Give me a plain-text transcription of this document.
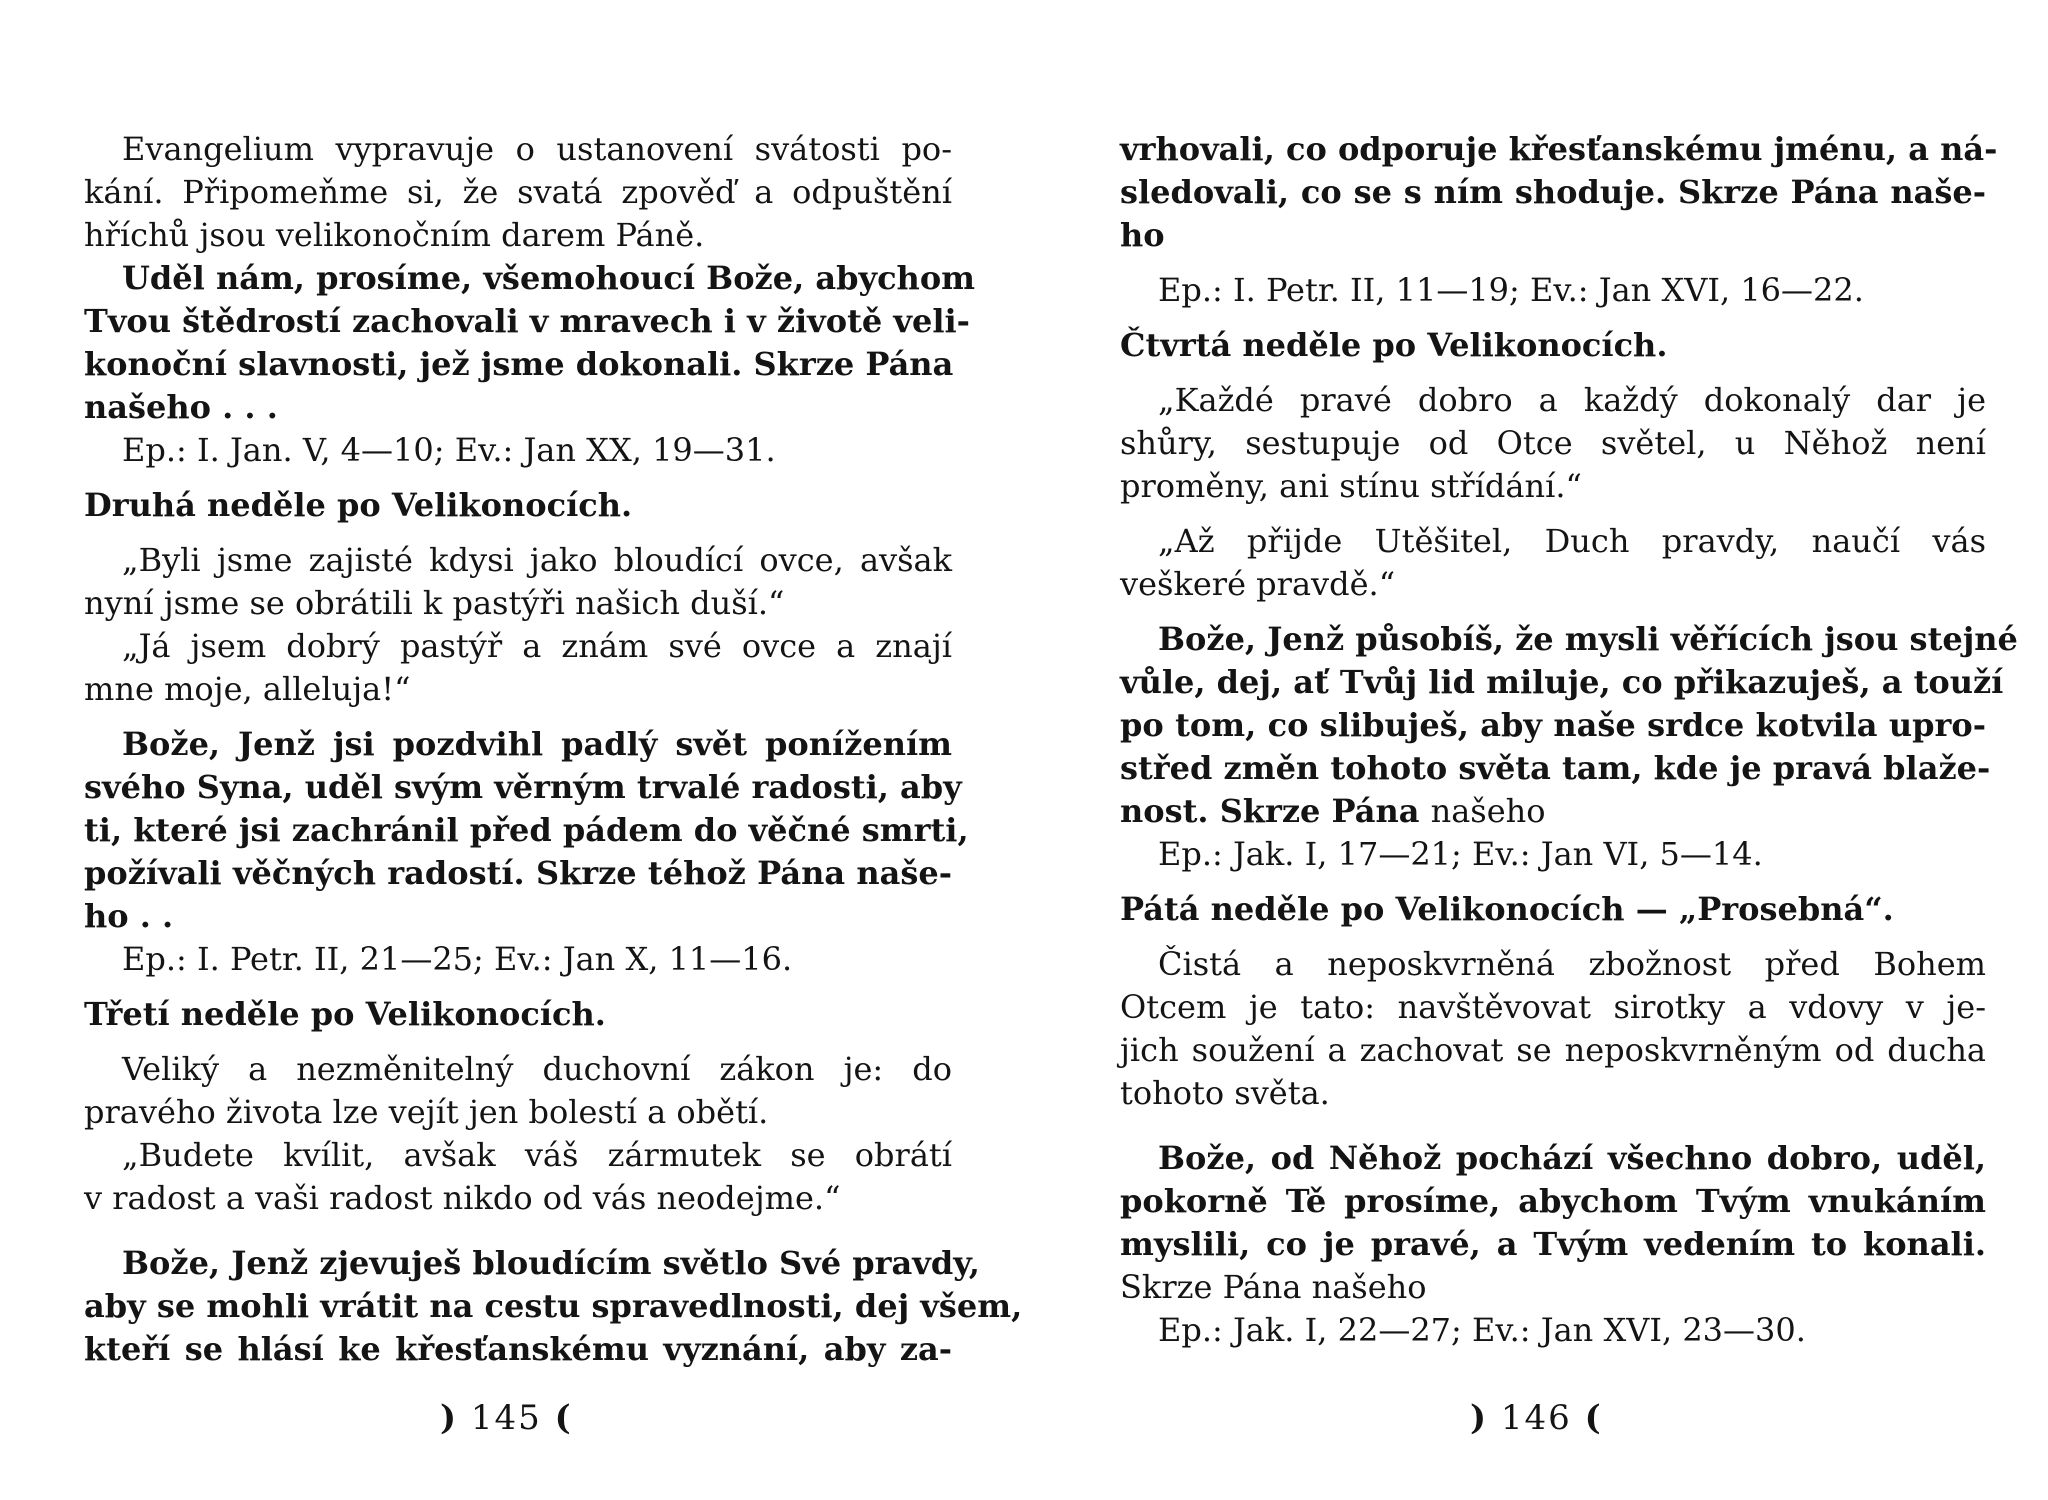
Evangelium vypravuje o ustanovení svátosti po-
kání. Připomeňme si, že svatá zpověď a odpuštění
hříchů jsou velikonočním darem Páně.
Uděl nám, prosíme, všemohoucí Bože, abychom
Tvou štědrostí zachovali v mravech i v životě veli-
konoční slavnosti, jež jsme dokonali. Skrze Pána
našeho . . .
Ep.: I. Jan. V, 4—10; Ev.: Jan XX, 19—31.
Druhá neděle po Velikonocích.
„Byli jsme zajisté kdysi jako bloudící ovce, avšak
nyní jsme se obrátili k pastýři našich duší.“
„Já jsem dobrý pastýř a znám své ovce a znají
mne moje, alleluja!“
Bože, Jenž jsi pozdvihl padlý svět ponížením
svého Syna, uděl svým věrným trvalé radosti, aby
ti, které jsi zachránil před pádem do věčné smrti,
požívali věčných radostí. Skrze téhož Pána naše-
ho . .
Ep.: I. Petr. II, 21—25; Ev.: Jan X, 11—16.
Třetí neděle po Velikonocích.
Veliký a nezměnitelný duchovní zákon je: do
pravého života lze vejít jen bolestí a obětí.
„Budete kvílit, avšak váš zármutek se obrátí
v radost a vaši radost nikdo od vás neodejme.“
Bože, Jenž zjevuješ bloudícím světlo Své pravdy,
aby se mohli vrátit na cestu spravedlnosti, dej všem,
kteří se hlásí ke křesťanskému vyznání, aby za-
) 145 (
vrhovali, co odporuje křesťanskému jménu, a ná-
sledovali, co se s ním shoduje. Skrze Pána naše-
ho
Ep.: I. Petr. II, 11—19; Ev.: Jan XVI, 16—22.
Čtvrtá neděle po Velikonocích.
„Každé pravé dobro a každý dokonalý dar je
shůry, sestupuje od Otce světel, u Něhož není
proměny, ani stínu střídání.“
„Až přijde Utěšitel, Duch pravdy, naučí vás
veškeré pravdě.“
Bože, Jenž působíš, že mysli věřících jsou stejné
vůle, dej, ať Tvůj lid miluje, co přikazuješ, a touží
po tom, co slibuješ, aby naše srdce kotvila upro-
střed změn tohoto světa tam, kde je pravá blaže-
nost. Skrze Pána našeho
Ep.: Jak. I, 17—21; Ev.: Jan VI, 5—14.
Pátá neděle po Velikonocích — „Prosebná“.
Čistá a neposkvrněná zbožnost před Bohem
Otcem je tato: navštěvovat sirotky a vdovy v je-
jich soužení a zachovat se neposkvrněným od ducha
tohoto světa.
Bože, od Něhož pochází všechno dobro, uděl,
pokorně Tě prosíme, abychom Tvým vnukáním
myslili, co je pravé, a Tvým vedením to konali.
Skrze Pána našeho
Ep.: Jak. I, 22—27; Ev.: Jan XVI, 23—30.
) 146 (
